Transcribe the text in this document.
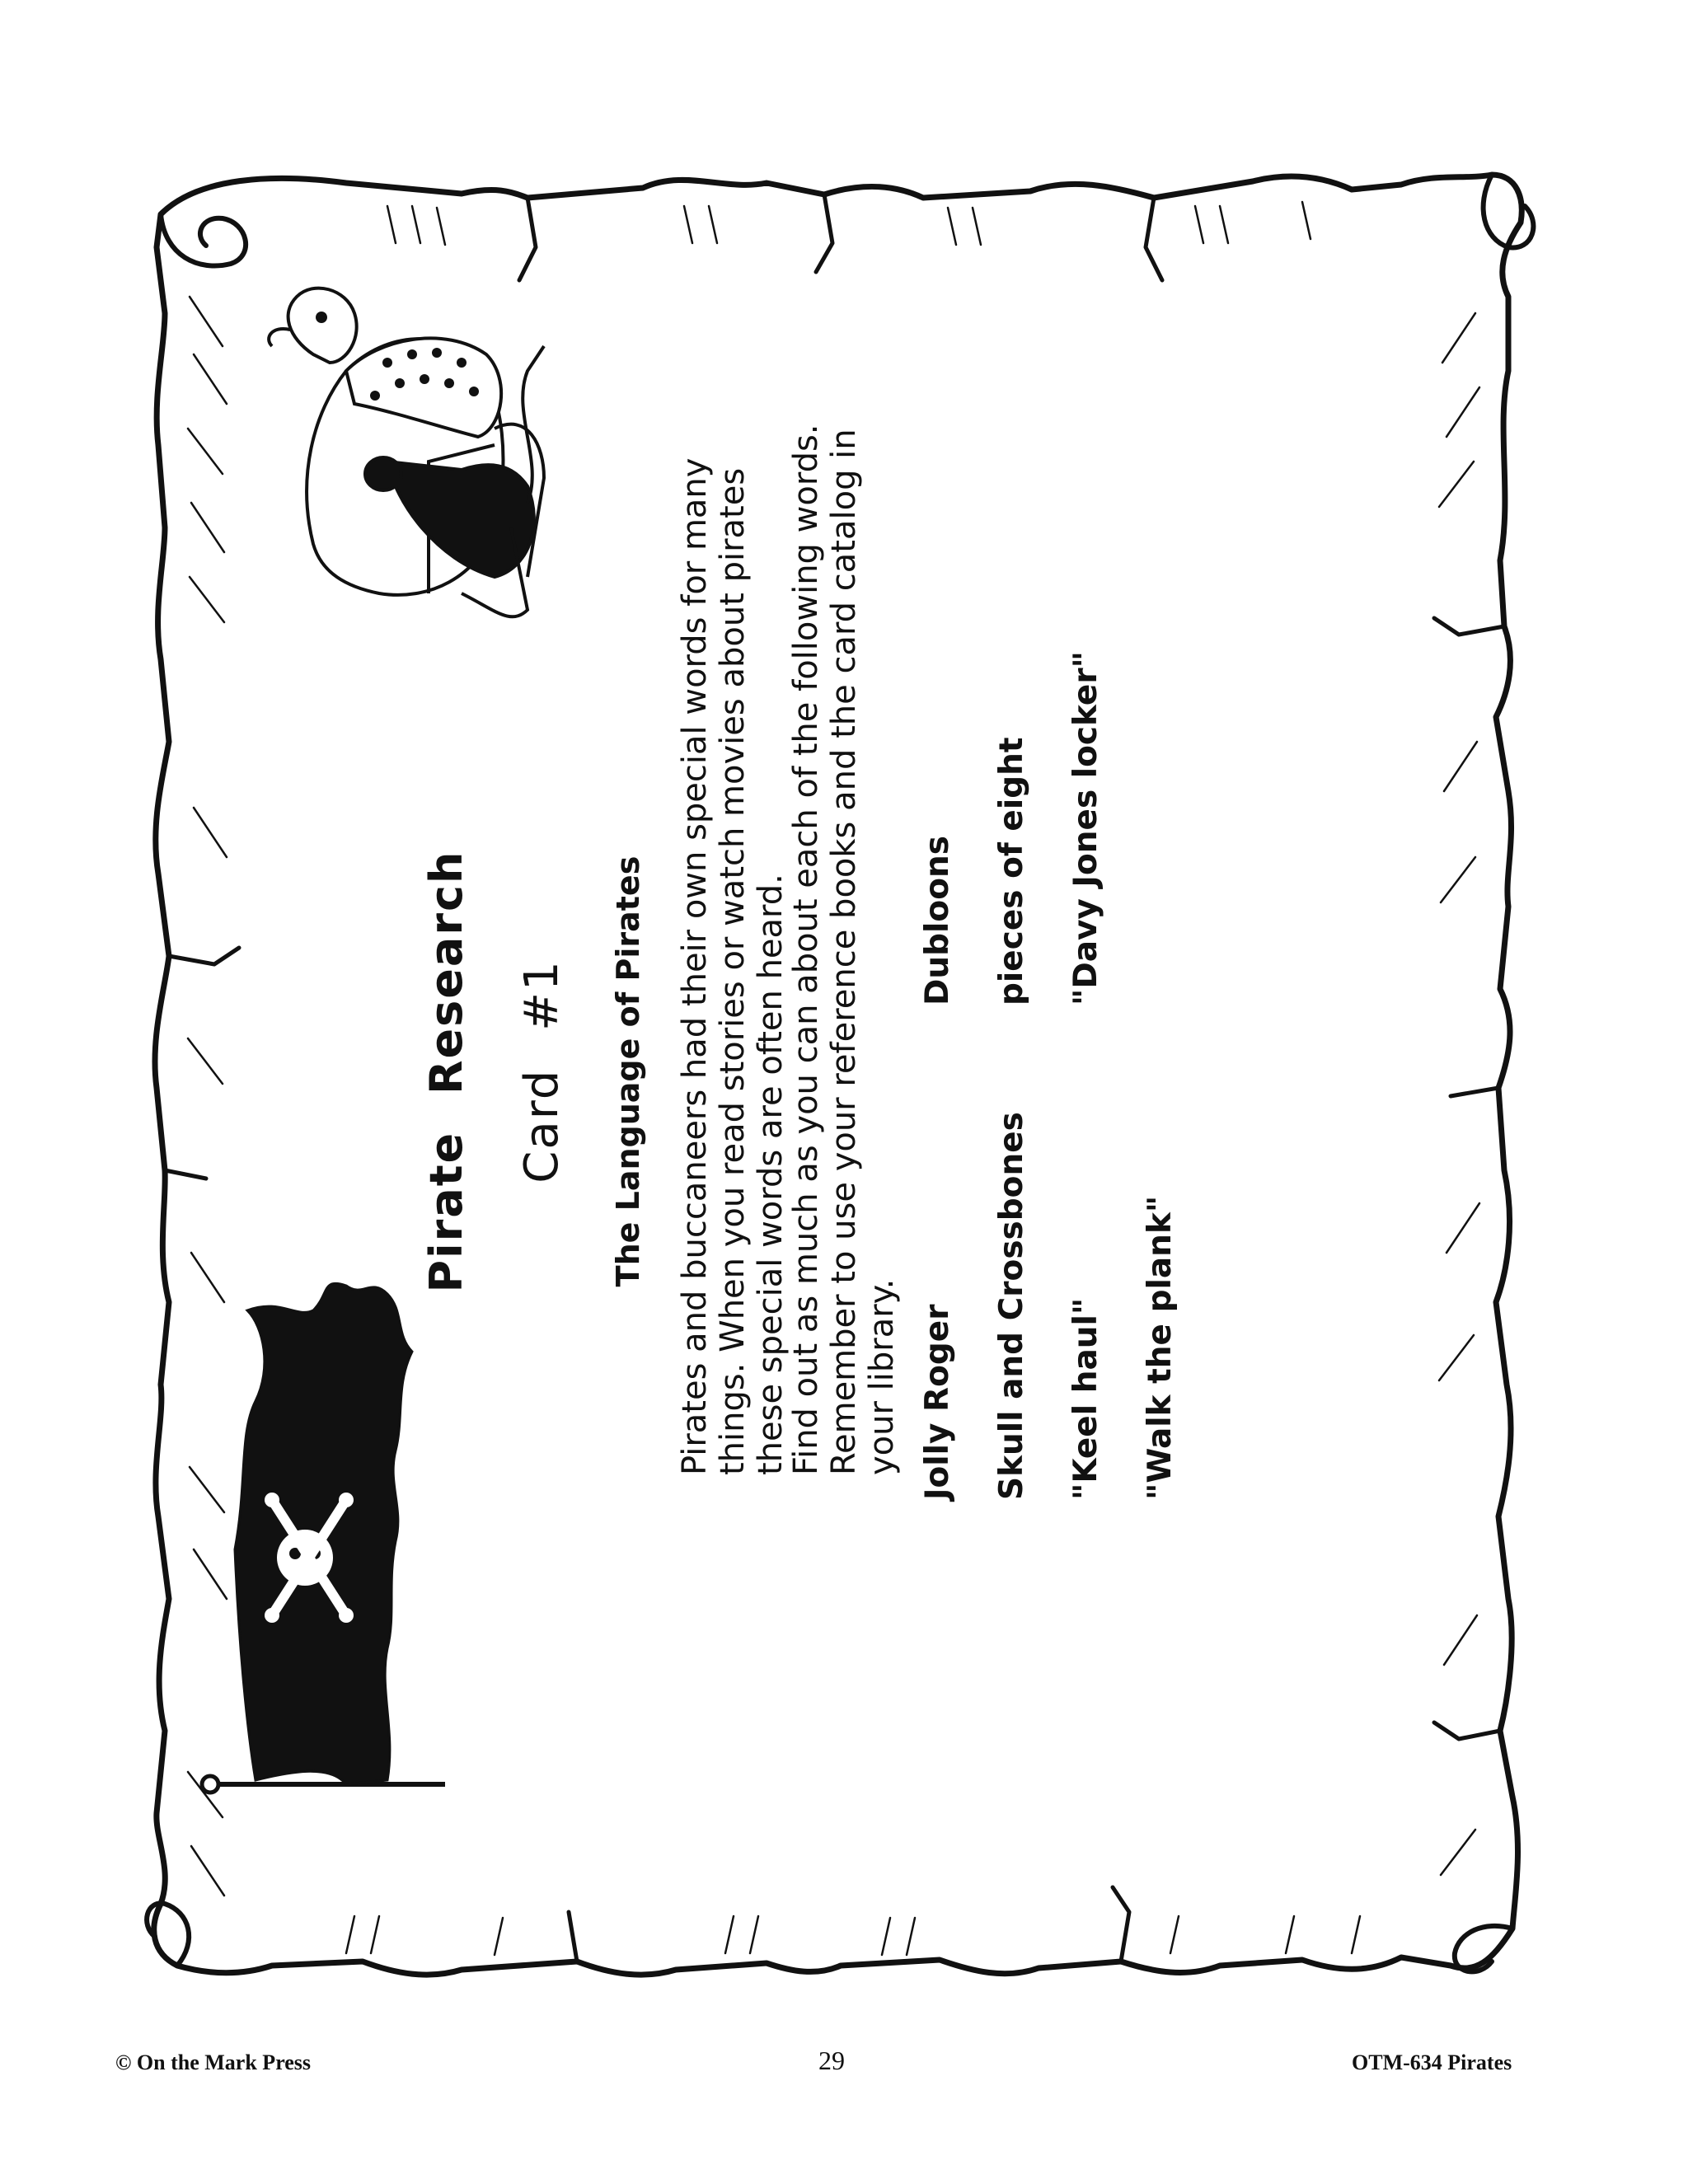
Pirate Research Card #1 The Language of Pirates Pirates and buccaneers had their own special words for many things. When you read stories or watch movies about pirates these special words are often heard.
Find out as much as you can about each of the following words. Remember to use your reference books and the card catalog in your library. Jolly Roger Skull and Crossbones "Keel haul" "Walk the plank"
Dubloons pieces of eight "Davy Jones locker"
© On the Mark Press	29	OTM-634 Pirates
